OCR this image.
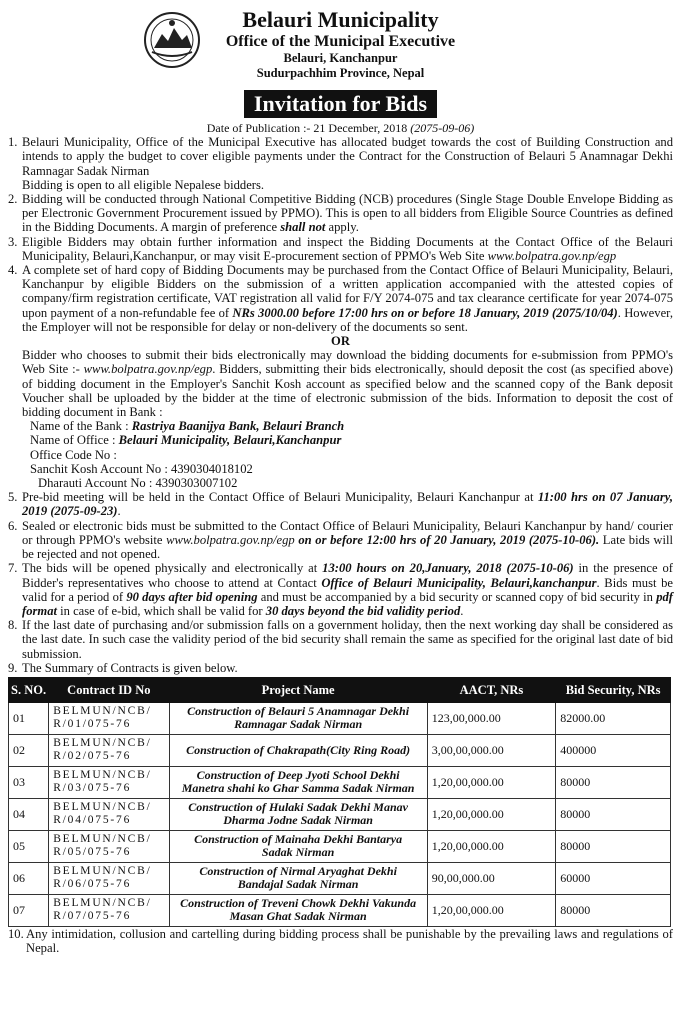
Belauri Municipality
Office of the Municipal Executive
Belauri, Kanchanpur
Sudurpachhim Province, Nepal
Invitation for Bids
Date of Publication :- 21 December, 2018 (2075-09-06)
1. Belauri Municipality, Office of the Municipal Executive has allocated budget towards the cost of Building Construction and intends to apply the budget to cover eligible payments under the Contract for the Construction of Belauri 5 Anamnagar Dekhi Ramnagar Sadak Nirman
Bidding is open to all eligible Nepalese bidders.
2. Bidding will be conducted through National Competitive Bidding (NCB) procedures (Single Stage Double Envelope Bidding as per Electronic Government Procurement issued by PPMO). This is open to all bidders from Eligible Source Countries as defined in the Bidding Documents. A margin of preference shall not apply.
3. Eligible Bidders may obtain further information and inspect the Bidding Documents at the Contact Office of the Belauri Municipality, Belauri,Kanchanpur, or may visit E-procurement section of PPMO's Web Site www.bolpatra.gov.np/egp
4. A complete set of hard copy of Bidding Documents may be purchased from the Contact Office of Belauri Municipality, Belauri, Kanchanpur by eligible Bidders on the submission of a written application accompanied with the attested copies of company/firm registration certificate, VAT registration all valid for F/Y 2074-075 and tax clearance certificate for year 2074-075 upon payment of a non-refundable fee of NRs 3000.00 before 17:00 hrs on or before 18 January, 2019 (2075/10/04). However, the Employer will not be responsible for delay or non-delivery of the documents so sent.
OR
Bidder who chooses to submit their bids electronically may download the bidding documents for e-submission from PPMO's Web Site :- www.bolpatra.gov.np/egp. Bidders, submitting their bids electronically, should deposit the cost (as specified above) of bidding document in the Employer's Sanchit Kosh account as specified below and the scanned copy of the Bank deposit Voucher shall be uploaded by the bidder at the time of electronic submission of the bids. Information to deposit the cost of bidding document in Bank :
Name of the Bank : Rastriya Baanijya Bank, Belauri Branch
Name of Office : Belauri Municipality, Belauri,Kanchanpur
Office Code No :
Sanchit Kosh Account No : 4390304018102
Dharauti Account No : 4390303007102
5. Pre-bid meeting will be held in the Contact Office of Belauri Municipality, Belauri Kanchanpur at 11:00 hrs on 07 January, 2019 (2075-09-23).
6. Sealed or electronic bids must be submitted to the Contact Office of Belauri Municipality, Belauri Kanchanpur by hand/ courier or through PPMO's website www.bolpatra.gov.np/egp on or before 12:00 hrs of 20 January, 2019 (2075-10-06). Late bids will be rejected and not opened.
7. The bids will be opened physically and electronically at 13:00 hours on 20,January, 2018 (2075-10-06) in the presence of Bidder's representatives who choose to attend at Contact Office of Belauri Municipality, Belauri,kanchanpur. Bids must be valid for a period of 90 days after bid opening and must be accompanied by a bid security or scanned copy of bid security in pdf format in case of e-bid, which shall be valid for 30 days beyond the bid validity period.
8. If the last date of purchasing and/or submission falls on a government holiday, then the next working day shall be considered as the last date. In such case the validity period of the bid security shall remain the same as specified for the original last date of bid submission.
9. The Summary of Contracts is given below.
S. NO.	Contract ID No	Project Name	AACT, NRs	Bid Security, NRs
01	BELMUN/NCB/
R/01/075-76	Construction of Belauri 5 Anamnagar Dekhi
Ramnagar Sadak Nirman	123,00,000.00	82000.00
02	BELMUN/NCB/
R/02/075-76	Construction of Chakrapath(City Ring Road)	3,00,00,000.00	400000
03	BELMUN/NCB/
R/03/075-76	Construction of Deep Jyoti School Dekhi
Manetra shahi ko Ghar Samma Sadak Nirman	1,20,00,000.00	80000
04	BELMUN/NCB/
R/04/075-76	Construction of Hulaki Sadak Dekhi Manav
Dharma Jodne Sadak Nirman	1,20,00,000.00	80000
05	BELMUN/NCB/
R/05/075-76	Construction of Mainaha Dekhi Bantarya
Sadak Nirman	1,20,00,000.00	80000
06	BELMUN/NCB/
R/06/075-76	Construction of Nirmal Aryaghat Dekhi
Bandajal Sadak Nirman	90,00,000.00	60000
07	BELMUN/NCB/
R/07/075-76	Construction of Treveni Chowk Dekhi Vakunda
Masan Ghat Sadak Nirman	1,20,00,000.00	80000
10. Any intimidation, collusion and cartelling during bidding process shall be punishable by the prevailing laws and regulations of Nepal.
